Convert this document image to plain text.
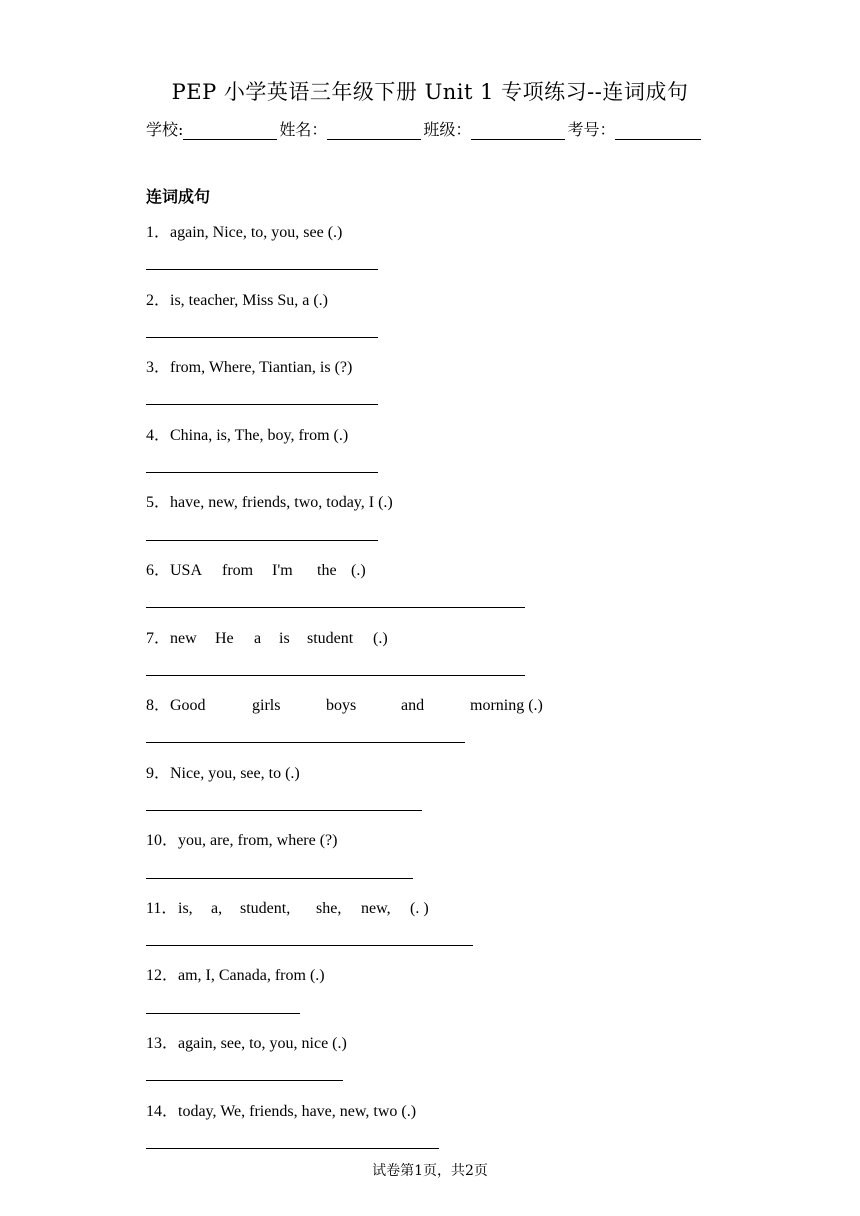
PEP 小学英语三年级下册 Unit 1 专项练习--连词成句
学校:	姓名：	班级：	考号：
连词成句
1．again, Nice, to, you, see (.)
2．is, teacher, Miss Su, a (.)
3．from, Where, Tiantian, is (?)
4．China, is, The, boy, from (.)
5．have, new, friends, two, today, I (.)
6．USA from I'm the (.)
7．new He a is student (.)
8．Good	girls	boys	and	morning (.)
9．Nice, you, see, to (.)
10．you, are, from, where (?)
11．is, a, student, she, new, (. )
12．am, I, Canada, from (.)
13．again, see, to, you, nice (.)
14．today, We, friends, have, new, two (.)
试卷第1页，共2页
